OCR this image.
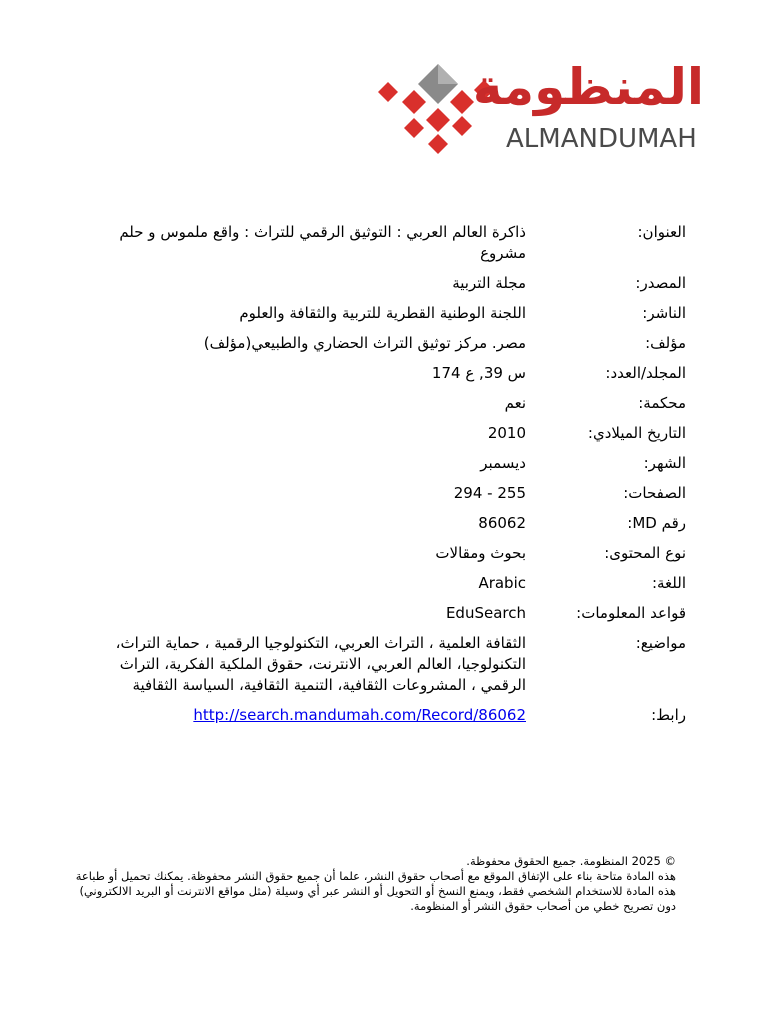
المنظومة
ALMANDUMAH
العنوان:
ذاكرة العالم العربي : التوثيق الرقمي للتراث : واقع ملموس و حلم مشروع
المصدر:
مجلة التربية
الناشر:
اللجنة الوطنية القطرية للتربية والثقافة والعلوم
مؤلف:
مصر. مركز توثيق التراث الحضاري والطبيعي(مؤلف)
المجلد/العدد:
س 39, ع 174
محكمة:
نعم
التاريخ الميلادي:
2010
الشهر:
ديسمبر
الصفحات:
255 - 294
رقم MD:
86062
نوع المحتوى:
بحوث ومقالات
اللغة:
Arabic
قواعد المعلومات:
EduSearch
مواضيع:
الثقافة العلمية ، التراث العربي، التكنولوجيا الرقمية ، حماية التراث، التكنولوجيا، العالم العربي، الانترنت، حقوق الملكية الفكرية، التراث الرقمي ، المشروعات الثقافية، التنمية الثقافية، السياسة الثقافية
رابط:
http://search.mandumah.com/Record/86062
© 2025 المنظومة. جميع الحقوق محفوظة.
هذه المادة متاحة بناء على الإتفاق الموقع مع أصحاب حقوق النشر، علما أن جميع حقوق النشر محفوظة. يمكنك تحميل أو طباعة هذه المادة للاستخدام الشخصي فقط، ويمنع النسخ أو التحويل أو النشر عبر أي وسيلة (مثل مواقع الانترنت أو البريد الالكتروني) دون تصريح خطي من أصحاب حقوق النشر أو المنظومة.
